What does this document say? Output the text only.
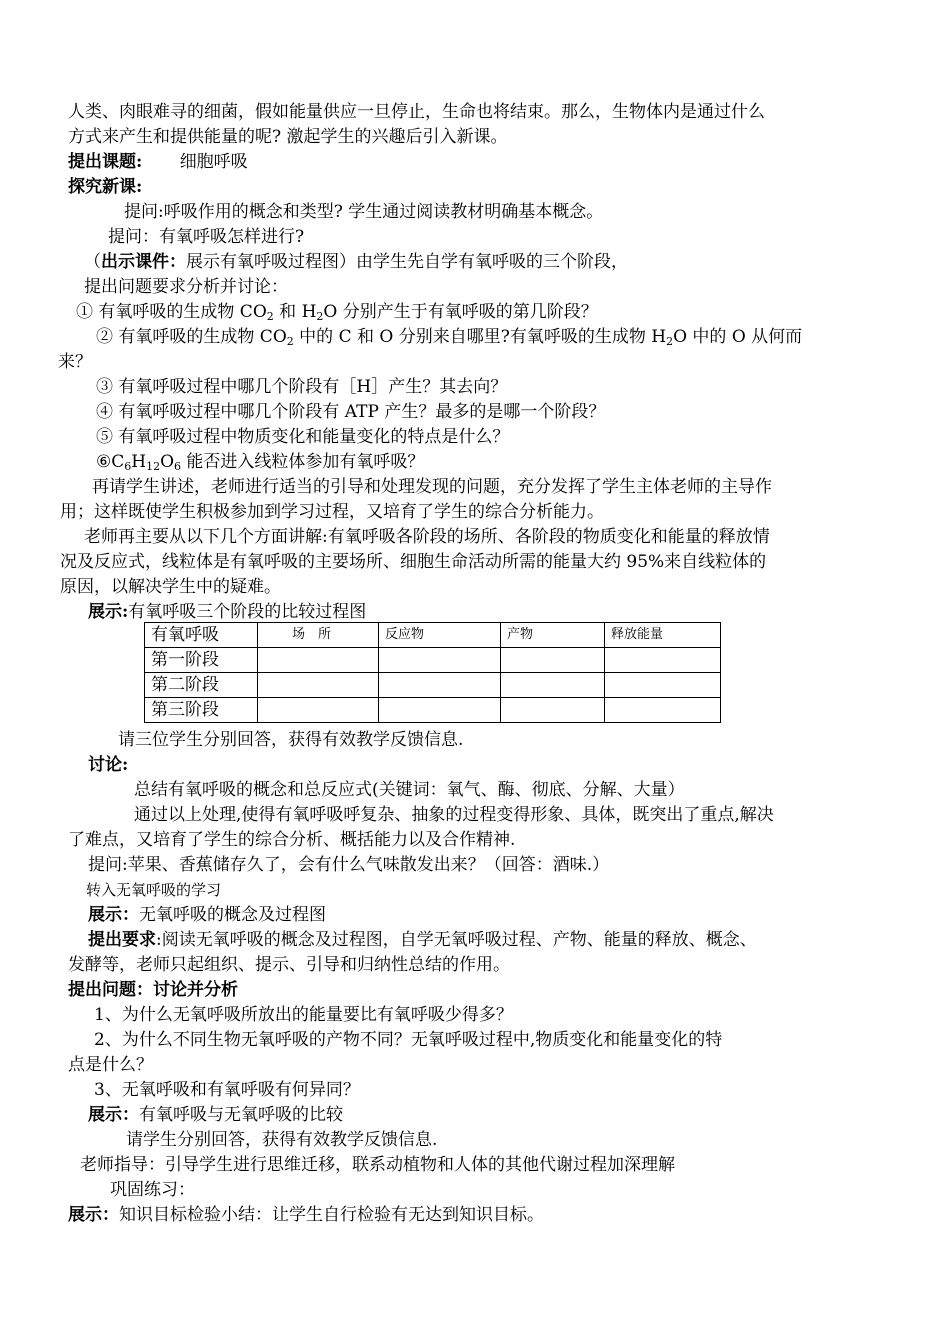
人类、肉眼难寻的细菌，假如能量供应一旦停止，生命也将结束。那么，生物体内是通过什么
方式来产生和提供能量的呢? 激起学生的兴趣后引入新课。
提出课题: 细胞呼吸
探究新课:
提问:呼吸作用的概念和类型? 学生通过阅读教材明确基本概念。
提问：有氧呼吸怎样进行?
（出示课件：展示有氧呼吸过程图）由学生先自学有氧呼吸的三个阶段，
提出问题要求分析并讨论：
① 有氧呼吸的生成物 $CO_2$ 和 $H_2O$ 分别产生于有氧呼吸的第几阶段？
② 有氧呼吸的生成物 $CO_2$ 中的 C 和 O 分别来自哪里?有氧呼吸的生成物 $H_2O$ 中的 O 从何而
来？
③ 有氧呼吸过程中哪几个阶段有［H］产生？其去向？
④ 有氧呼吸过程中哪几个阶段有 ATP 产生？最多的是哪一个阶段？
⑤ 有氧呼吸过程中物质变化和能量变化的特点是什么？
$⑥C_6H_{12}O_6$ 能否进入线粒体参加有氧呼吸？
再请学生讲述，老师进行适当的引导和处理发现的问题，充分发挥了学生主体老师的主导作
用；这样既使学生积极参加到学习过程，又培育了学生的综合分析能力。
老师再主要从以下几个方面讲解:有氧呼吸各阶段的场所、各阶段的物质变化和能量的释放情
况及反应式，线粒体是有氧呼吸的主要场所、细胞生命活动所需的能量大约 95%来自线粒体的
原因，以解决学生中的疑难。
展示:有氧呼吸三个阶段的比较过程图
有氧呼吸	场　所	反应物	产物	释放能量
第一阶段				
第二阶段				
第三阶段				
请三位学生分别回答，获得有效教学反馈信息.
讨论:
总结有氧呼吸的概念和总反应式(关键词：氧气、酶、彻底、分解、大量）
通过以上处理,使得有氧呼吸呼复杂、抽象的过程变得形象、具体，既突出了重点,解决
了难点，又培育了学生的综合分析、概括能力以及合作精神.
提问:苹果、香蕉储存久了，会有什么气味散发出来？（回答：酒味.）
转入无氧呼吸的学习
展示：无氧呼吸的概念及过程图
提出要求:阅读无氧呼吸的概念及过程图，自学无氧呼吸过程、产物、能量的释放、概念、
发酵等，老师只起组织、提示、引导和归纳性总结的作用。
提出问题：讨论并分析
1、为什么无氧呼吸所放出的能量要比有氧呼吸少得多？
2、为什么不同生物无氧呼吸的产物不同？无氧呼吸过程中,物质变化和能量变化的特
点是什么？
3、无氧呼吸和有氧呼吸有何异同？
展示：有氧呼吸与无氧呼吸的比较
请学生分别回答，获得有效教学反馈信息.
老师指导：引导学生进行思维迁移，联系动植物和人体的其他代谢过程加深理解
巩固练习：
展示：知识目标检验小结：让学生自行检验有无达到知识目标。
